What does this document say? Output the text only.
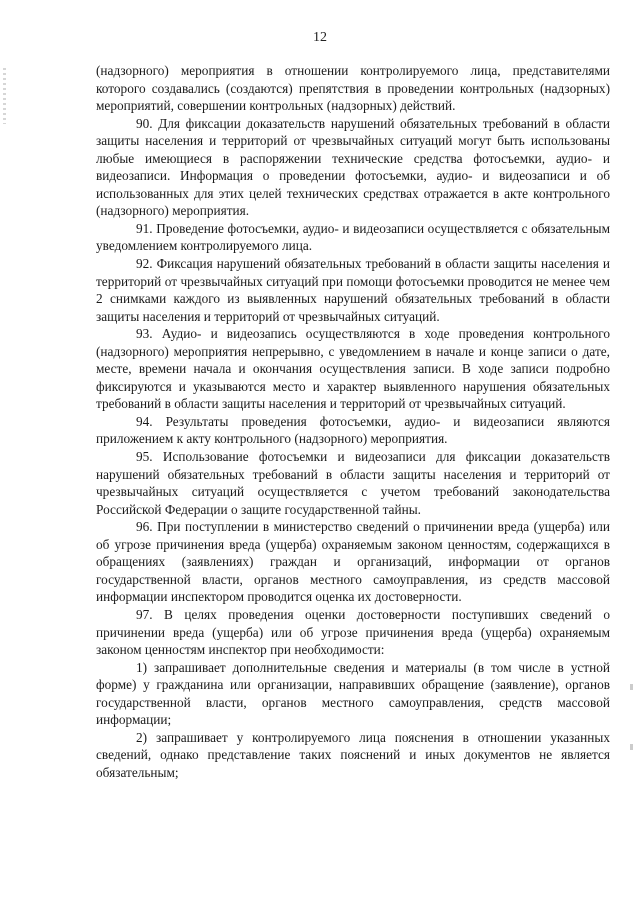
12

(надзорного) мероприятия в отношении контролируемого лица, представителями которого создавались (создаются) препятствия в проведении контрольных (надзорных) мероприятий, совершении контрольных (надзорных) действий.

90. Для фиксации доказательств нарушений обязательных требований в области защиты населения и территорий от чрезвычайных ситуаций могут быть использованы любые имеющиеся в распоряжении технические средства фотосъемки, аудио- и видеозаписи. Информация о проведении фотосъемки, аудио- и видеозаписи и об использованных для этих целей технических средствах отражается в акте контрольного (надзорного) мероприятия.

91. Проведение фотосъемки, аудио- и видеозаписи осуществляется с обязательным уведомлением контролируемого лица.

92. Фиксация нарушений обязательных требований в области защиты населения и территорий от чрезвычайных ситуаций при помощи фотосъемки проводится не менее чем 2 снимками каждого из выявленных нарушений обязательных требований в области защиты населения и территорий от чрезвычайных ситуаций.

93. Аудио- и видеозапись осуществляются в ходе проведения контрольного (надзорного) мероприятия непрерывно, с уведомлением в начале и конце записи о дате, месте, времени начала и окончания осуществления записи. В ходе записи подробно фиксируются и указываются место и характер выявленного нарушения обязательных требований в области защиты населения и территорий от чрезвычайных ситуаций.

94. Результаты проведения фотосъемки, аудио- и видеозаписи являются приложением к акту контрольного (надзорного) мероприятия.

95. Использование фотосъемки и видеозаписи для фиксации доказательств нарушений обязательных требований в области защиты населения и территорий от чрезвычайных ситуаций осуществляется с учетом требований законодательства Российской Федерации о защите государственной тайны.

96. При поступлении в министерство сведений о причинении вреда (ущерба) или об угрозе причинения вреда (ущерба) охраняемым законом ценностям, содержащихся в обращениях (заявлениях) граждан и организаций, информации от органов государственной власти, органов местного самоуправления, из средств массовой информации инспектором проводится оценка их достоверности.

97. В целях проведения оценки достоверности поступивших сведений о причинении вреда (ущерба) или об угрозе причинения вреда (ущерба) охраняемым законом ценностям инспектор при необходимости:

1) запрашивает дополнительные сведения и материалы (в том числе в устной форме) у гражданина или организации, направивших обращение (заявление), органов государственной власти, органов местного самоуправления, средств массовой информации;

2) запрашивает у контролируемого лица пояснения в отношении указанных сведений, однако представление таких пояснений и иных документов не является обязательным;
